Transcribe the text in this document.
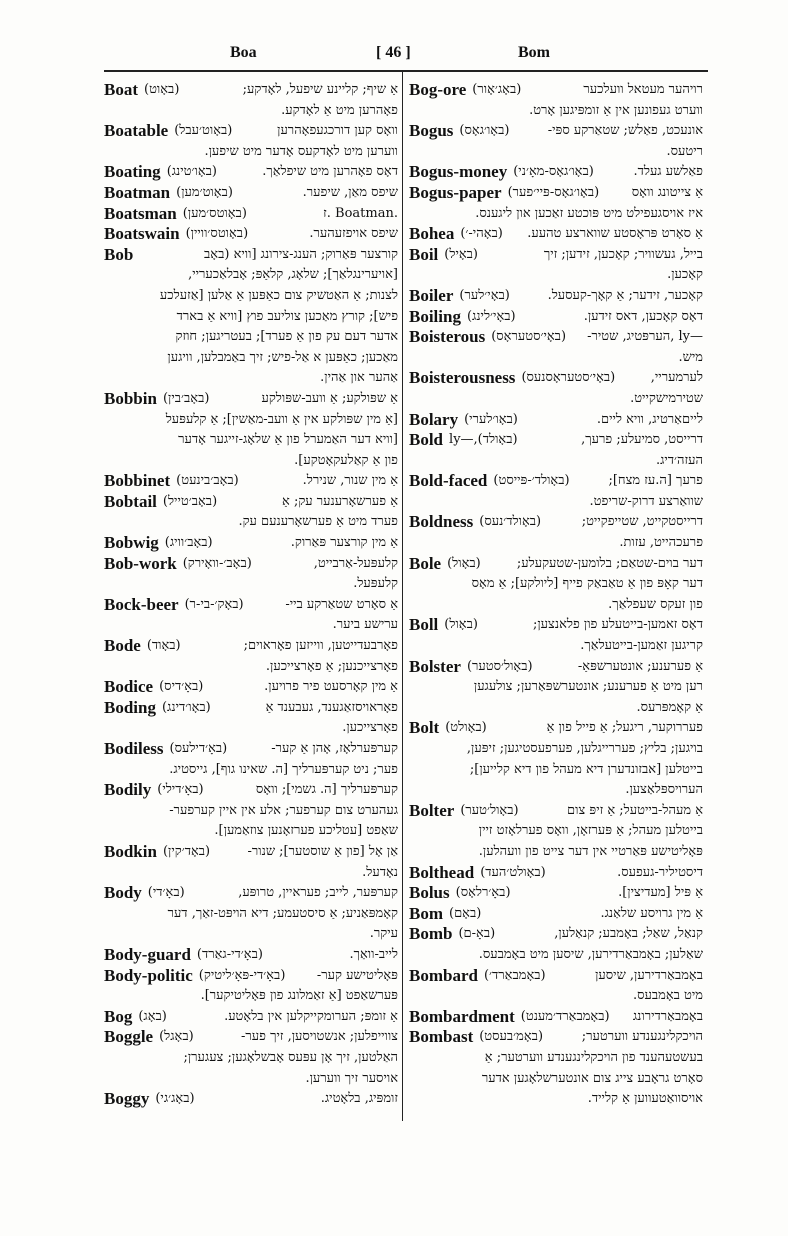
Boa	[ 46 ]	Bom
Boat (באָוט)	אַ שיף; קליינע שיפעל, לאָדקע;
פאָהרען מיט אַ לאָדקע.
Boatable (באָוט׳עבל)	וואָס קען דורכגעפאָהרען
ווערען מיט לאָדקעס אָדער מיט שיפען.
Boating (באָו׳טינג)	דאָס פאָהרען מיט שיפלאַך.
Boatman (באָוט׳מען)	שיפס מאַן, שיפער.
Boatsman (באָוטס׳מען)	.Boatman .ז
Boatswain (באָוטס׳וויין)	שיפס אויפזעהער.
Bob	קורצער פּאַרוק; הענג-צירונג [וויא (באָב
[אויערינגלאַך]; שלאָג, קלאַפּ; אָבלאַכעריי,
לצנות; אַ האַטשיק צום כאַפּען אַ אַלען [אַזעלכע
פיש]; קורץ מאַכען צוליעב פוץ [וויא אַ בארד
אדער דעם עק פון אַ פערד]; בעטריגען; חוזק
מאַכען; כאַפּען א אַל-פיש; זיך באַמבלען, וויגען
אַהער און אַהין.
Bobbin (באָב׳בין)	אַ שפּולקע; אַ וועב-שפּולקע
[אַ מין שפּולקע אין אַ וועב-מאַשין]; אַ קלעפּעל
[וויא דער האַמערל פון אַ שלאָג-זייגער אָדער
פון אַ קאַלעקאָטקע].
Bobbinet (באָב׳בינעט)	אַ מין שנור, שנירל.
Bobtail (באָב׳טייל)	אַ פערשאָרענער עק; אַ
פערד מיט אַ פערשאָרענעם עק.
Bobwig (באָב׳וויג)	אַ מין קורצער פּאַרוק.
Bob-work (באָב׳-וואָירק)	קלעפּעל-אַרבייט,
קלעפּעל.
Bock-beer (באָק׳-בי-ר)	אַ סאָרט שטאַרקע ביי-
ערישע ביער.
Bode (באָוד)	פאָרבעדייטען, ווייזען פאָראוים;
פאָרצייכנען; אַ פאָרצייכען.
Bodice (באָ׳דיס)	אַ מין קאָרסעט פיר פרויען.
Boding (באָו׳דינג)	פאָראויסזאַגענד, געבענד אַ
פאָרצייכען.
Bodiless (באָ׳דילעס)	קערפּערלאָז, אָהן אַ קער-
פער; ניט קערפּערליך [ה. שאינו גוף], גייסטיג.
Bodily (באָ׳דילי)	קערפּערליך [ה. גשמי]; וואָס
געהערט צום קערפער; אלע אין איין קערפער-
שאַפט [עטליכע פערזאָנען צוזאַמען].
Bodkin (באָד׳קין)	אַן אָל [פון אַ שוסטער]; שנור-
נאָדעל.
Body (באָ׳די)	קערפּער, לייב; פעראיין, טרופּע,
קאָמפּאַניע; אַ סיסטעמע; דיא הויפּט-זאַך, דער
עיקר.
Body-guard (באָ׳די-גאַרד)	לייב-וואַך.
Body-politic (באָ׳די-פּאָ׳ליטיק)	פּאָליטישע קער-
פּערשאַפט [אַ זאַמלונג פון פּאָליטיקער].
Bog (באָג)	אַ זומפּ; הערומקייקלען אין בלאָטע.
Boggle (באָגל)	צווייפלען; אנשטויסען, זיך פער-
האַלטען, זיך אָן עפּעס אָבשלאָגען; צעגערן;
אויסער זיך ווערען.
Boggy (באָג׳גי)	זומפּיג, בלאָטיג.
Bog-ore (באָג׳אָור)	רויהער מעטאל וועלכער
ווערט געפונען אין אַ זומפּיגען אָרט.
Bogus (באָו׳גאָס)	אונעכט, פאַלש; שטאַרקע ספּי-
ריטעס.
Bogus-money (באָו׳גאָס-מאָ׳ני)	פאַלשע געלד.
Bogus-paper (באָו׳גאָס-פּיי׳פער)	אַ צייטונג וואָס
איז אויסגעפילט מיט פּוכטע זאַכען און ליגענס.
Bohea (באָהי-׳)	אַ סאָרט פּראָסטע שווארצע טהעע.
Boil (באָיל)	בייל, געשוויר; קאָכען, זידען; זיך
קאָכען.
Boiler (באָי׳לער)	קאָכער, זידער; אַ קאָך-קעסעל.
Boiling (באָי׳לינג)	דאָס קאָכען, דאס זידען.
Boisterous (באָי׳סטעראָס)	—ly ,הערפּטיג, שטיר-
מיש.
Boisterousness (באָי׳סטעראָסנעס)	לערמעריי,
שטירמישקייט.
Bolary (באָו׳לערי)	לייםאַרטיג, וויא ליים.
Bold (באָולד),—ly	דרייסט, סמיעלע; פרעך,
העזה׳דיג.
Bold-faced (באָולד׳-פּייסט)	פרעך [ה.עז מצח];
שוואַרצע דרוק-שריפט.
Boldness (באָולד׳נעס)	דרייסטקייט, שטייפקייט;
פרעכהייט, עזות.
Bole (באָול)	דער בוים-שטאַם; בלומען-שטעקעלע;
דער קאָפּ פון אַ טאַבאַק פייף [ליולקע]; אַ מאָס
פון זעקס שעפלאַך.
Boll (באָול)	דאָס זאמען-בייטעלע פון פלאנצען;
קריגען זאַמען-בייטעלאַך.
Bolster (באָול׳סטער)	אַ פערענע; אונטערשפּאַ-
רען מיט אַ פערענע; אונטערשפּאַרען; צולעגען
אַ קאָמפּרעס.
Bolt (באָולט)	פעררוקער, ריגעל; אַ פייל פון אַ
בויגען; בליץ; פעררייגלען, פערפעסטיגען; זיפּען,
בייטלען [אבזונדערן דיא מעהל פון דיא קלייען];
הערויספּלאַצען.
Bolter (באָול׳טער)	אַ מעהל-בייטעל; אַ זיפּ צום
בייטלען מעהל; אַ פּערזאָן, וואָס פערלאָזט זיין
פּאָליטישע פּאַרטיי אין דער צייט פון וועהלען.
Bolthead (באָולט׳העד)	דיסטיליר-געפעס.
Bolus (באָ׳רלאָס)	אַ פּיל [מעדיצין].
Bom (באָם)	אַ מין גרויסע שלאַנג.
Bomb (באָ-ם)	קנאַל, שאַל; באָמבע; קנאַלען,
שאַלען; באָמבאַרדירען, שיסען מיט באָמבעס.
Bombard (באָמבאַרד׳)	באָמבאַרדירען, שיסען
מיט באָמבעס.
Bombardment (באָמבאַרד׳מענט)	באָמבאַרדירונג
Bombast (באָמ׳בעסט)	הויכקלינגענדע ווערטער;
בעשטעהענד פון הויכקלינגענדע ווערטער; אַ
סאָרט גראָבע צייג צום אונטערשלאָגען אדער
אויסוואַטעווען אַ קלייד.
